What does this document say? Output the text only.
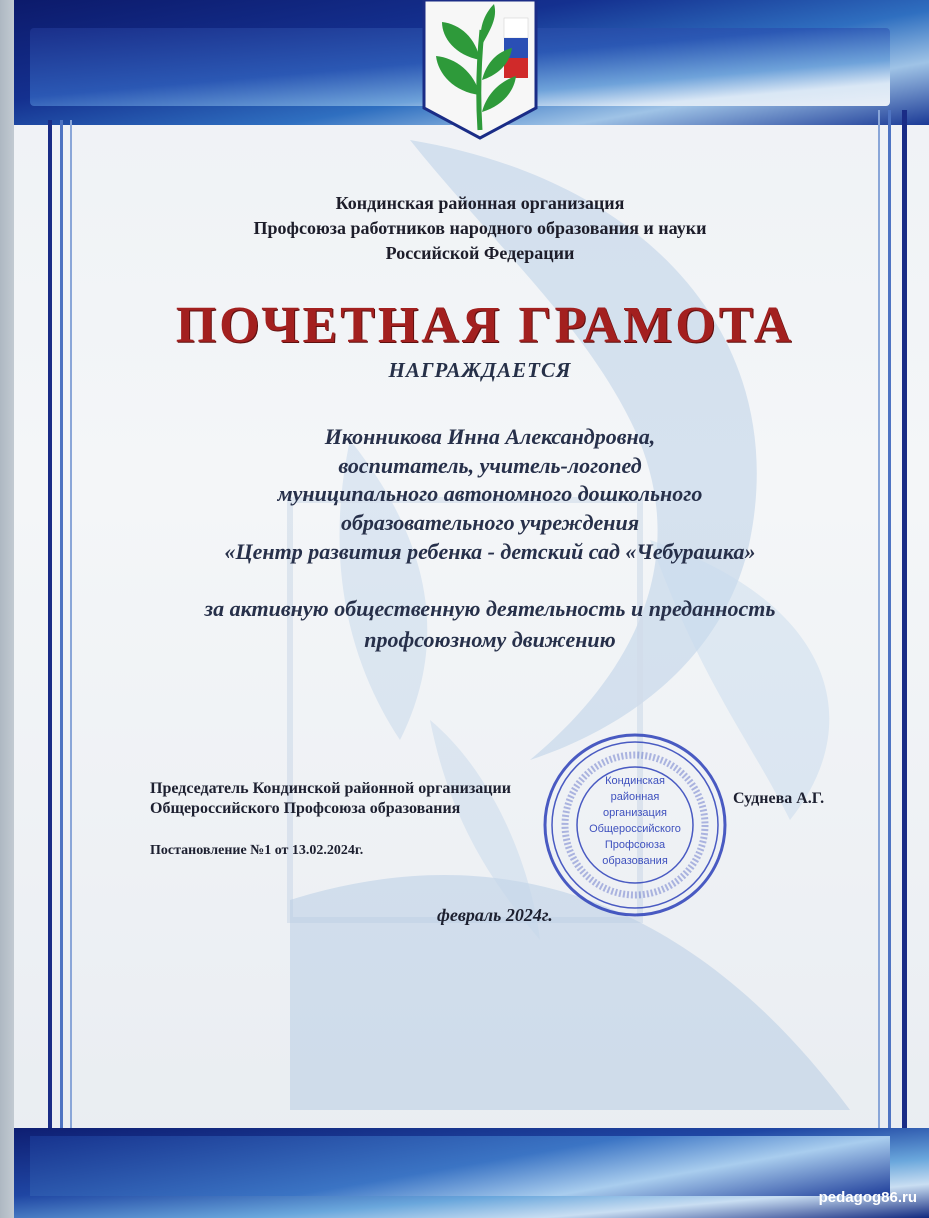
Кондинская районная организация
Профсоюза работников народного образования и науки
Российской Федерации
ПОЧЕТНАЯ ГРАМОТА
НАГРАЖДАЕТСЯ
Иконникова Инна Александровна,
воспитатель, учитель-логопед
муниципального автономного дошкольного
образовательного учреждения
«Центр развития ребенка - детский сад «Чебурашка»
за активную общественную деятельность и преданность
профсоюзному движению
Председатель Кондинской районной организации
Общероссийского Профсоюза образования
Суднева А.Г.
Постановление №1 от 13.02.2024г.
февраль 2024г.
Кондинская
районная
организация
Общероссийского
Профсоюза
образования
pedagog86.ru
